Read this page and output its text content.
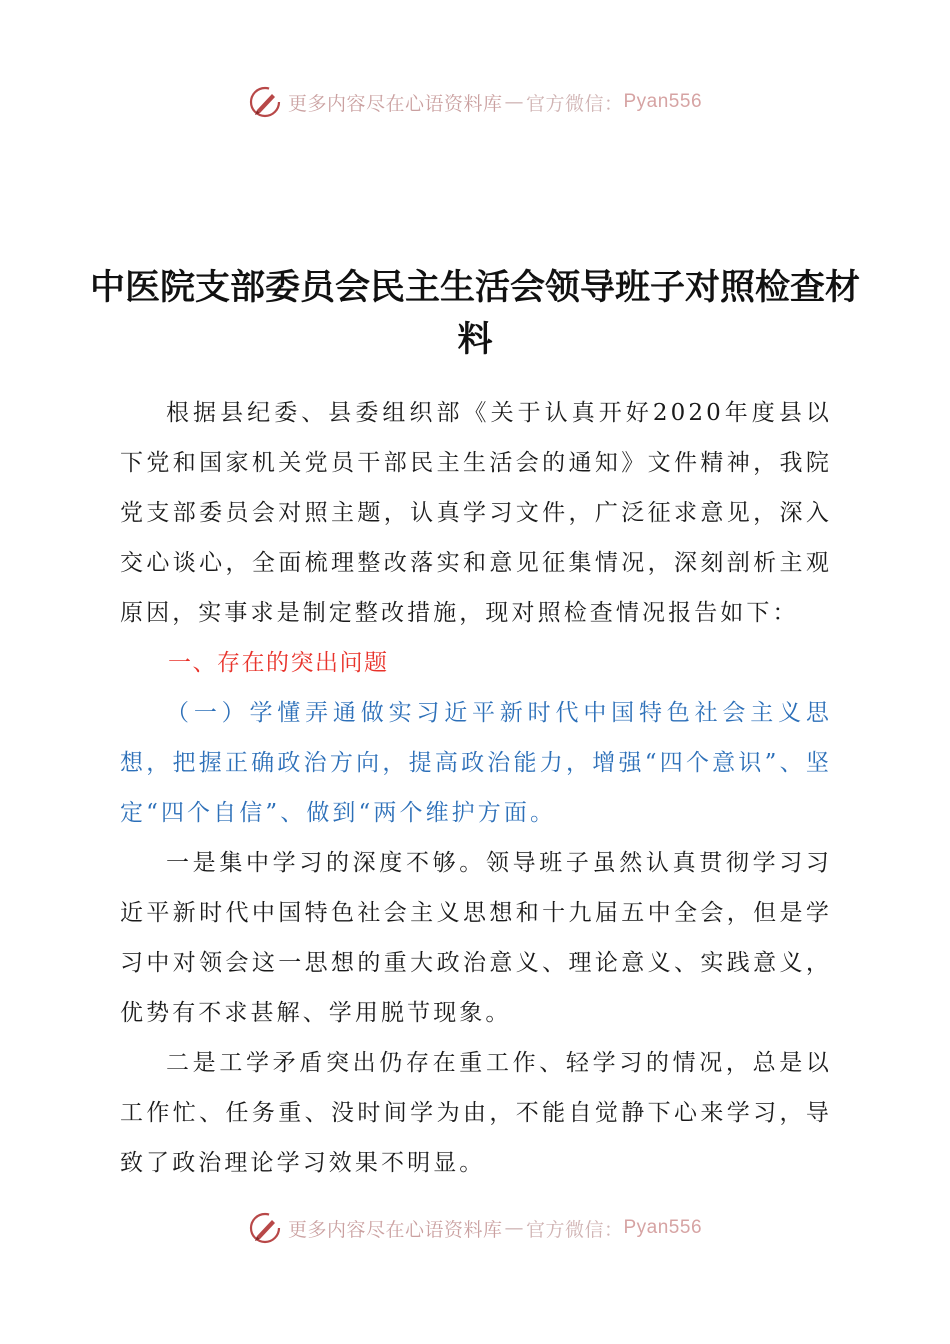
更多内容尽在心语资料库 — 官方微信： Pyan556
中医院支部委员会民主生活会领导班子对照检查材料

根据县纪委、县委组织部《关于认真开好2020年度县以下党和国家机关党员干部民主生活会的通知》文件精神，我院党支部委员会对照主题，认真学习文件，广泛征求意见，深入交心谈心，全面梳理整改落实和意见征集情况，深刻剖析主观原因，实事求是制定整改措施，现对照检查情况报告如下：

一、存在的突出问题
（一）学懂弄通做实习近平新时代中国特色社会主义思想，把握正确政治方向，提高政治能力，增强“四个意识”、坚定“四个自信”、做到“两个维护方面。

一是集中学习的深度不够。领导班子虽然认真贯彻学习习近平新时代中国特色社会主义思想和十九届五中全会，但是学习中对领会这一思想的重大政治意义、理论意义、实践意义，优势有不求甚解、学用脱节现象。

二是工学矛盾突出仍存在重工作、轻学习的情况，总是以工作忙、任务重、没时间学为由，不能自觉静下心来学习，导致了政治理论学习效果不明显。

更多内容尽在心语资料库 — 官方微信： Pyan556
